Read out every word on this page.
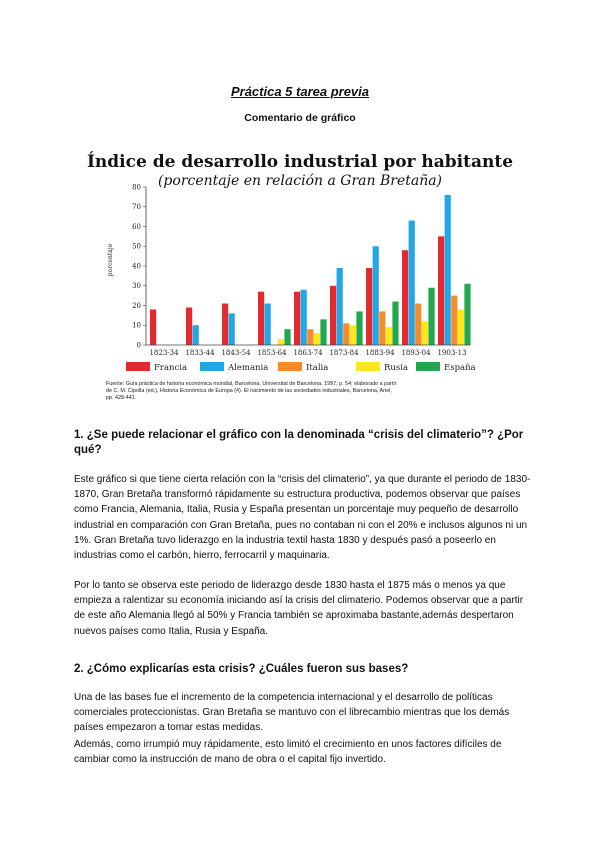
Práctica 5 tarea previa
Comentario de gráfico
Índice de desarrollo industrial por habitante
(porcentaje en relación a Gran Bretaña)
porcentaje
0
10
20
30
40
50
60
70
80
1823-34 1833-44 1843-54 1853-64 1863-74 1873-84 1883-94 1893-04 1903-13
Francia	Alemania	Italia	Rusia	España
Fuente: Guía práctica de historia económica mundial, Barcelona, Universitat de Barcelona, 1997, p. 54; elaborado a partir
de C. M. Cipolla (ed.), Historia Económica de Europa (4). El nacimiento de las sociedades industriales, Barcelona, Ariel,
pp. 428-441.
1. ¿Se puede relacionar el gráfico con la denominada “crisis del climaterio”? ¿Por qué?

Este gráfico si que tiene cierta relación con la “crisis del climaterio”, ya que durante el periodo de 1830-1870, Gran Bretaña transformó rápidamente su estructura productiva, podemos observar que países como Francia, Alemania, Italia, Rusia y España presentan un porcentaje muy pequeño de desarrollo industrial en comparación con Gran Bretaña, pues no contaban ni con el 20% e inclusos algunos ni un 1%. Gran Bretaña tuvo liderazgo en la industria textil hasta 1830 y después pasó a poseerlo en industrias como el carbón, hierro, ferrocarril y maquinaria.

Por lo tanto se observa este periodo de liderazgo desde 1830 hasta el 1875 más o menos ya que empieza a ralentizar su economía iniciando así la crisis del climaterio. Podemos observar que a partir de este año Alemania llegó al 50% y Francia también se aproximaba bastante,además despertaron nuevos países como Italia, Rusia y España.

2. ¿Cómo explicarías esta crisis? ¿Cuáles fueron sus bases?

Una de las bases fue el incremento de la competencia internacional y el desarrollo de políticas comerciales proteccionistas. Gran Bretaña se mantuvo con el librecambio mientras que los demás países empezaron a tomar estas medidas.

Además, como irrumpió muy rápidamente, esto limitó el crecimiento en unos factores difíciles de cambiar como la instrucción de mano de obra o el capital fijo invertido.
